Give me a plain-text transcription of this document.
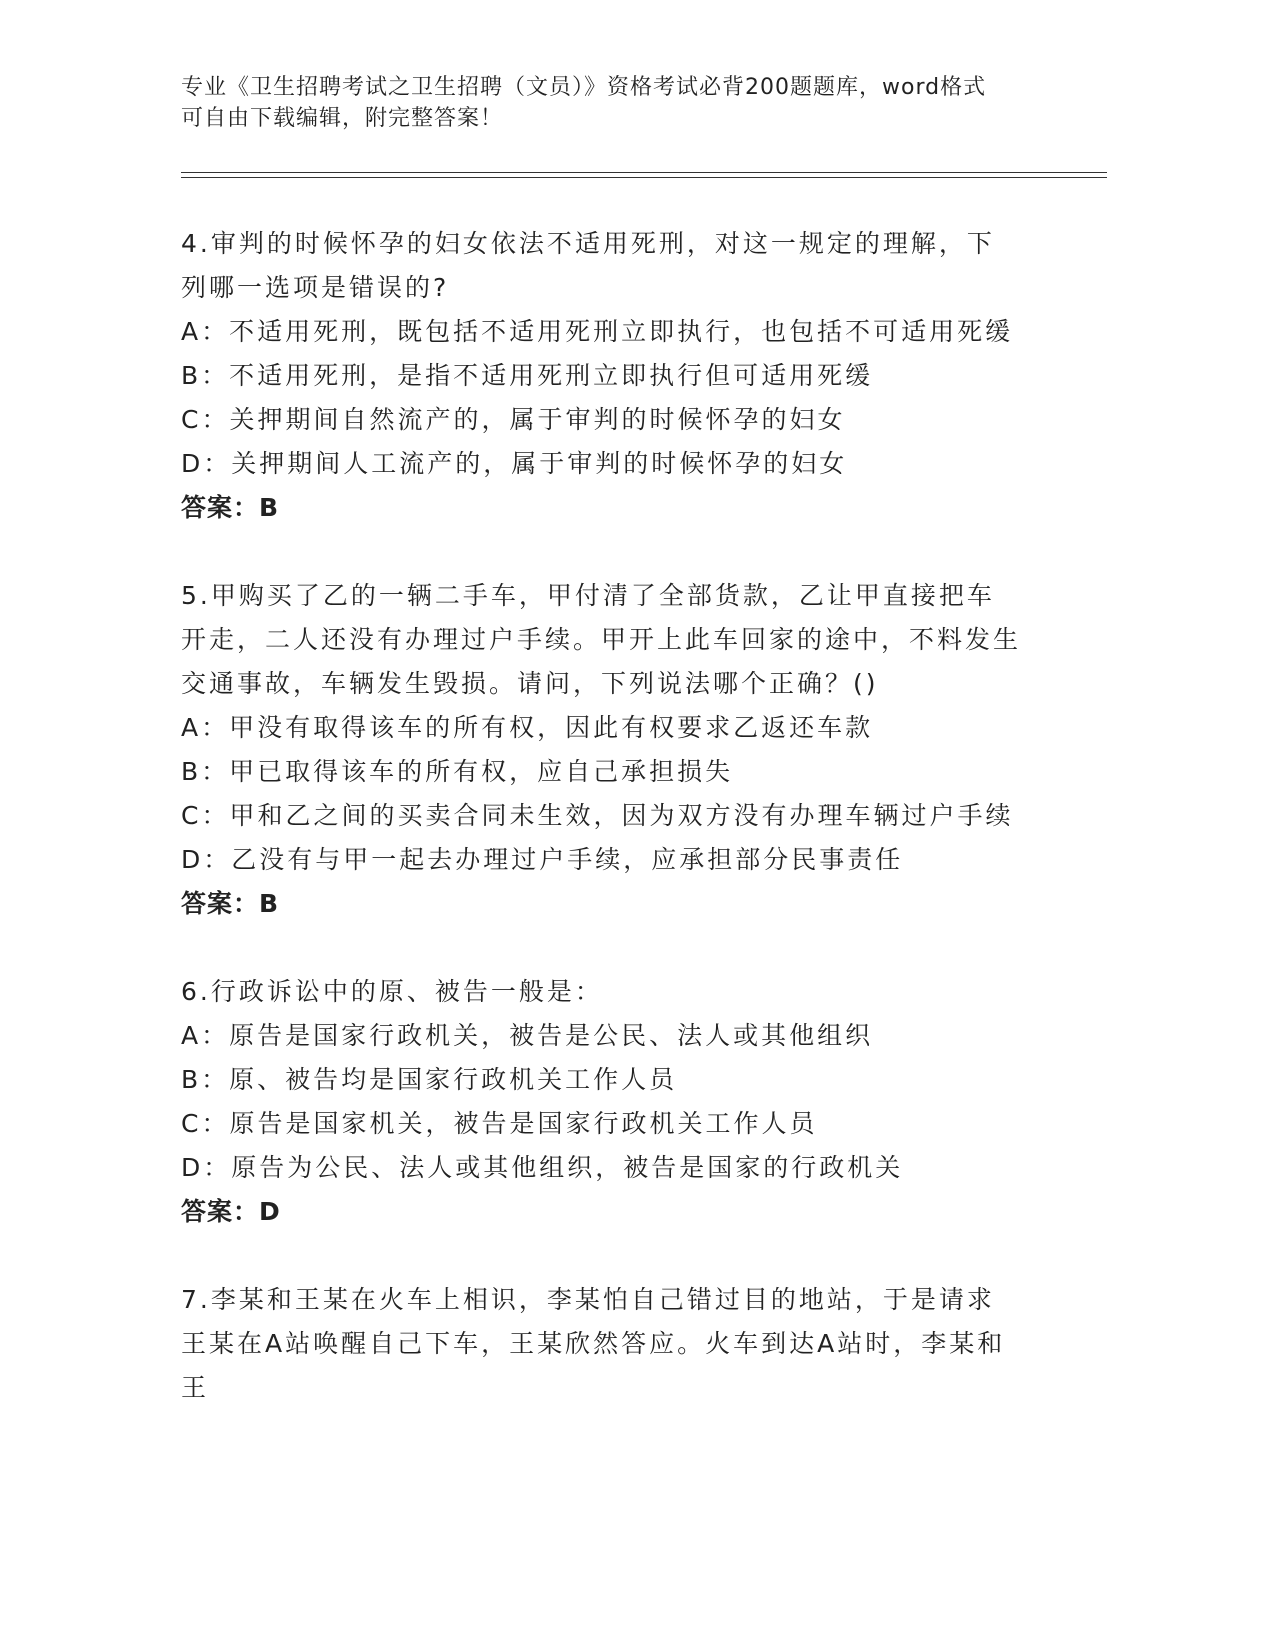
专业《卫生招聘考试之卫生招聘（文员）》资格考试必背200题题库，word格式
可自由下载编辑，附完整答案！

4.审判的时候怀孕的妇女依法不适用死刑，对这一规定的理解，下列哪一选项是错误的?

A：不适用死刑，既包括不适用死刑立即执行，也包括不可适用死缓

B：不适用死刑，是指不适用死刑立即执行但可适用死缓

C：关押期间自然流产的，属于审判的时候怀孕的妇女

D：关押期间人工流产的，属于审判的时候怀孕的妇女

答案：B

5.甲购买了乙的一辆二手车，甲付清了全部货款，乙让甲直接把车开走，二人还没有办理过户手续。甲开上此车回家的途中，不料发生交通事故，车辆发生毁损。请问，下列说法哪个正确？()

A：甲没有取得该车的所有权，因此有权要求乙返还车款

B：甲已取得该车的所有权，应自己承担损失

C：甲和乙之间的买卖合同未生效，因为双方没有办理车辆过户手续

D：乙没有与甲一起去办理过户手续，应承担部分民事责任

答案：B

6.行政诉讼中的原、被告一般是：

A：原告是国家行政机关，被告是公民、法人或其他组织

B：原、被告均是国家行政机关工作人员

C：原告是国家机关，被告是国家行政机关工作人员

D：原告为公民、法人或其他组织，被告是国家的行政机关

答案：D

7.李某和王某在火车上相识，李某怕自己错过目的地站，于是请求王某在A站唤醒自己下车，王某欣然答应。火车到达A站时，李某和王
